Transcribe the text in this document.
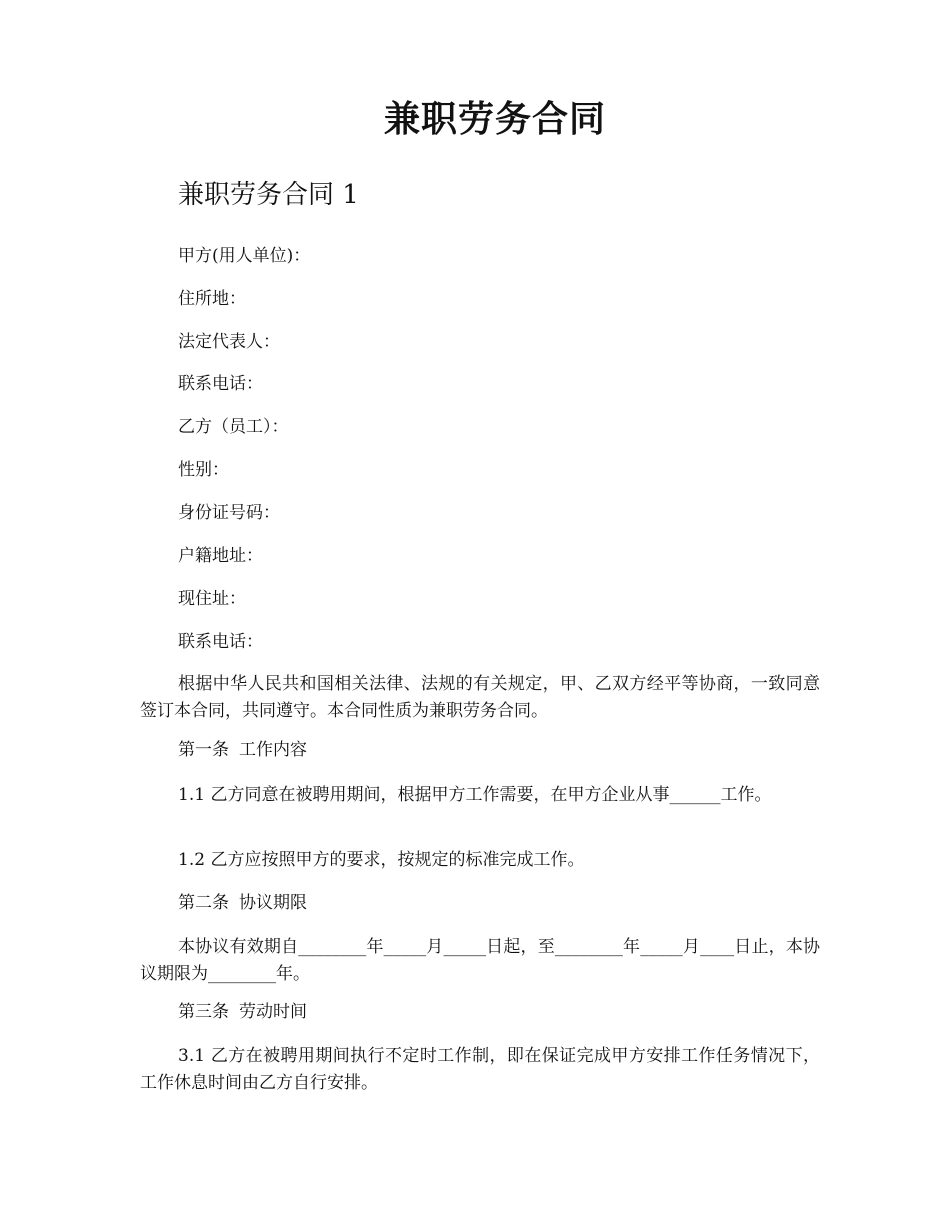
兼职劳务合同
兼职劳务合同 1
甲方(用人单位)：
住所地：
法定代表人：
联系电话：
乙方（员工）：
性别：
身份证号码：
户籍地址：
现住址：
联系电话：

根据中华人民共和国相关法律、法规的有关规定，甲、乙双方经平等协商，一致同意签订本合同，共同遵守。本合同性质为兼职劳务合同。

第一条 工作内容

1.1 乙方同意在被聘用期间，根据甲方工作需要，在甲方企业从事______工作。

1.2 乙方应按照甲方的要求，按规定的标准完成工作。

第二条 协议期限

本协议有效期自________年_____月_____日起，至________年_____月____日止，本协议期限为________年。

第三条 劳动时间

3.1 乙方在被聘用期间执行不定时工作制，即在保证完成甲方安排工作任务情况下，工作休息时间由乙方自行安排。
